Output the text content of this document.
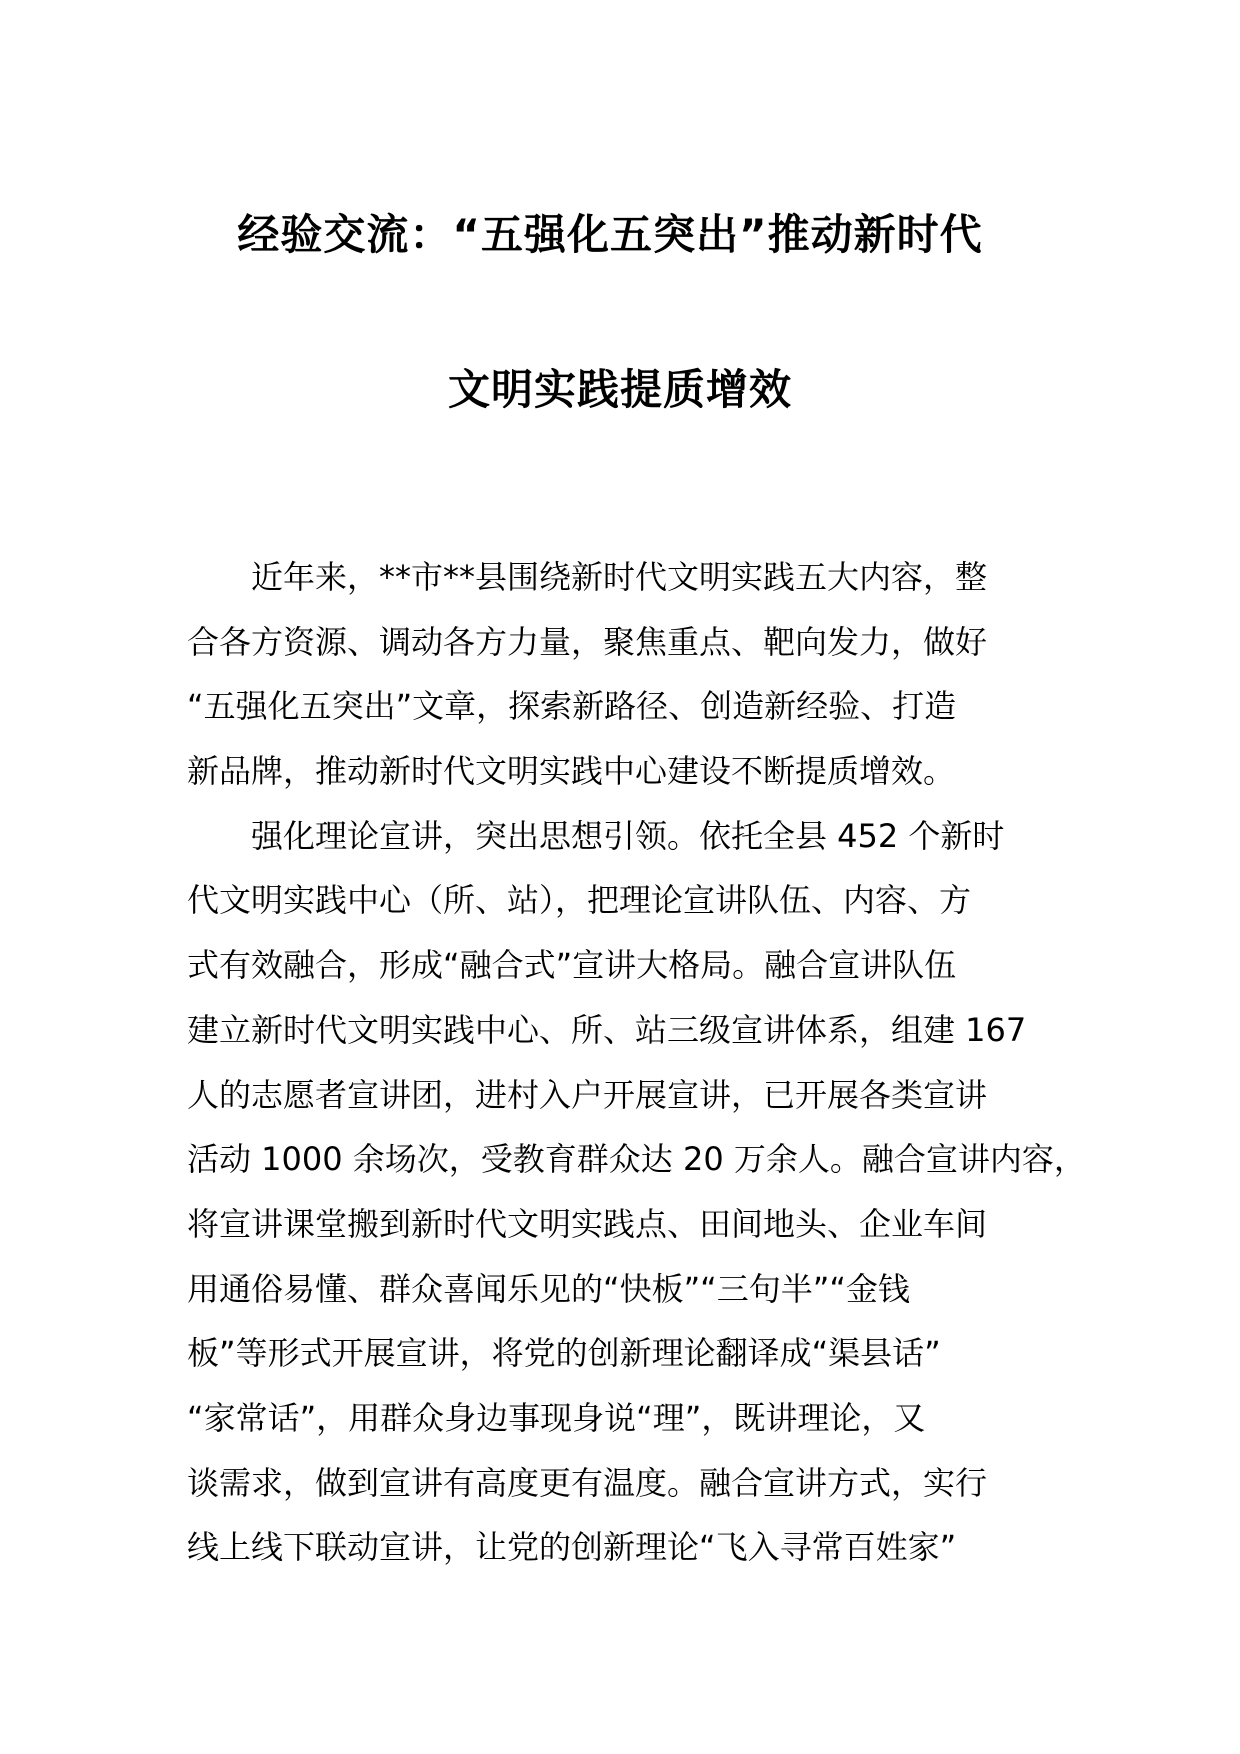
经验交流：“五强化五突出”推动新时代
文明实践提质增效
　　近年来，**市**县围绕新时代文明实践五大内容，整
合各方资源、调动各方力量，聚焦重点、靶向发力，做好
“五强化五突出”文章，探索新路径、创造新经验、打造
新品牌，推动新时代文明实践中心建设不断提质增效。
　　强化理论宣讲，突出思想引领。依托全县 452 个新时
代文明实践中心（所、站），把理论宣讲队伍、内容、方
式有效融合，形成“融合式”宣讲大格局。融合宣讲队伍
建立新时代文明实践中心、所、站三级宣讲体系，组建 167
人的志愿者宣讲团，进村入户开展宣讲，已开展各类宣讲
活动 1000 余场次，受教育群众达 20 万余人。融合宣讲内容，
将宣讲课堂搬到新时代文明实践点、田间地头、企业车间
用通俗易懂、群众喜闻乐见的“快板”“三句半”“金钱
板”等形式开展宣讲，将党的创新理论翻译成“渠县话”
“家常话”，用群众身边事现身说“理”，既讲理论，又
谈需求，做到宣讲有高度更有温度。融合宣讲方式，实行
线上线下联动宣讲，让党的创新理论“飞入寻常百姓家”
